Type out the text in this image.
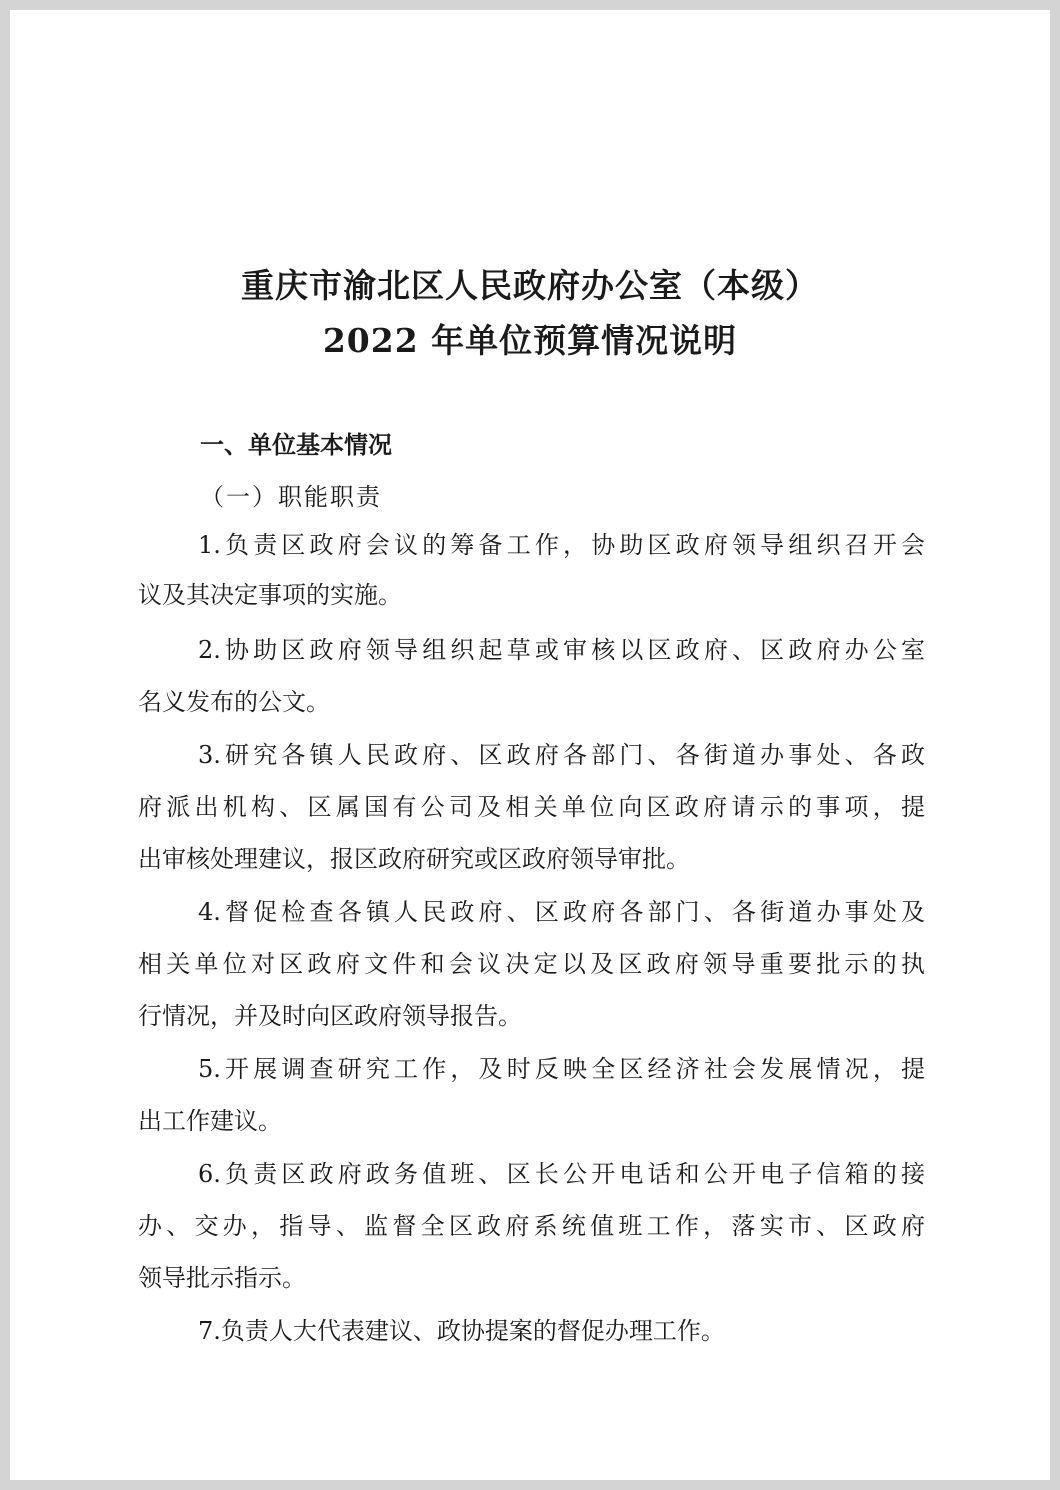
重庆市渝北区人民政府办公室（本级）
2022 年单位预算情况说明
一、单位基本情况
（一）职能职责
1.负责区政府会议的筹备工作，协助区政府领导组织召开会
议及其决定事项的实施。
2.协助区政府领导组织起草或审核以区政府、区政府办公室
名义发布的公文。
3.研究各镇人民政府、区政府各部门、各街道办事处、各政
府派出机构、区属国有公司及相关单位向区政府请示的事项，提
出审核处理建议，报区政府研究或区政府领导审批。
4.督促检查各镇人民政府、区政府各部门、各街道办事处及
相关单位对区政府文件和会议决定以及区政府领导重要批示的执
行情况，并及时向区政府领导报告。
5.开展调查研究工作，及时反映全区经济社会发展情况，提
出工作建议。
6.负责区政府政务值班、区长公开电话和公开电子信箱的接
办、交办，指导、监督全区政府系统值班工作，落实市、区政府
领导批示指示。
7.负责人大代表建议、政协提案的督促办理工作。
